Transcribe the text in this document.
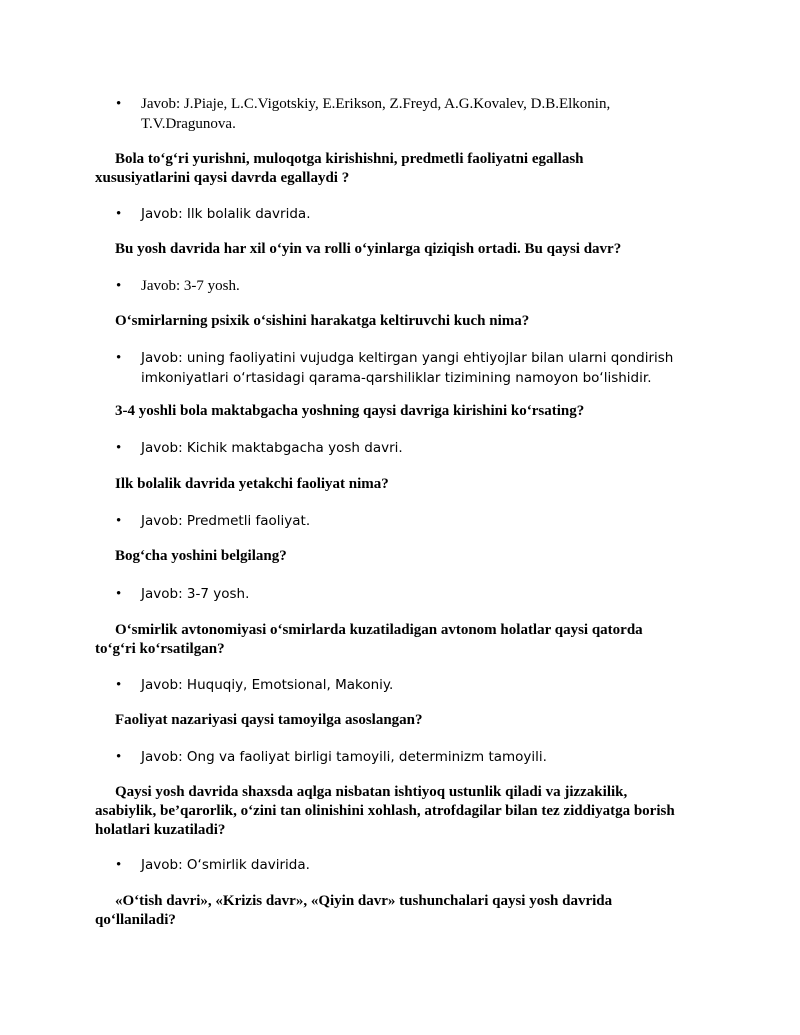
•	Javob: J.Piaje, L.C.Vigotskiy, E.Erikson, Z.Freyd, A.G.Kovalev, D.B.Elkonin,
T.V.Dragunova.
Bola to‘g‘ri yurishni, muloqotga kirishishni, predmetli faoliyatni egallash
xususiyatlarini qaysi davrda egallaydi ?
•	Javob: Ilk bolalik davrida.
Bu yosh davrida har xil o‘yin va rolli o‘yinlarga qiziqish ortadi. Bu qaysi davr?
•	Javob: 3-7 yosh.
O‘smirlarning psixik o‘sishini harakatga keltiruvchi kuch nima?
•	Javob: uning faoliyatini vujudga keltirgan yangi ehtiyojlar bilan ularni qondirish
imkoniyatlari o‘rtasidagi qarama-qarshiliklar tizimining namoyon bo‘lishidir.
3-4 yoshli bola maktabgacha yoshning qaysi davriga kirishini ko‘rsating?
•	Javob: Kichik maktabgacha yosh davri.
Ilk bolalik davrida yetakchi faoliyat nima?
•	Javob: Predmetli faoliyat.
Bog‘cha yoshini belgilang?
•	Javob: 3-7 yosh.
O‘smirlik avtonomiyasi o‘smirlarda kuzatiladigan avtonom holatlar qaysi qatorda
to‘g‘ri ko‘rsatilgan?
•	Javob: Huquqiy, Emotsional, Makoniy.
Faoliyat nazariyasi qaysi tamoyilga asoslangan?
•	Javob: Ong va faoliyat birligi tamoyili, determinizm tamoyili.
Qaysi yosh davrida shaxsda aqlga nisbatan ishtiyoq ustunlik qiladi va jizzakilik,
asabiylik, be’qarorlik, o‘zini tan olinishini xohlash, atrofdagilar bilan tez ziddiyatga borish
holatlari kuzatiladi?
•	Javob: O‘smirlik davirida.
«O‘tish davri», «Krizis davr», «Qiyin davr» tushunchalari qaysi yosh davrida
qo‘llaniladi?
